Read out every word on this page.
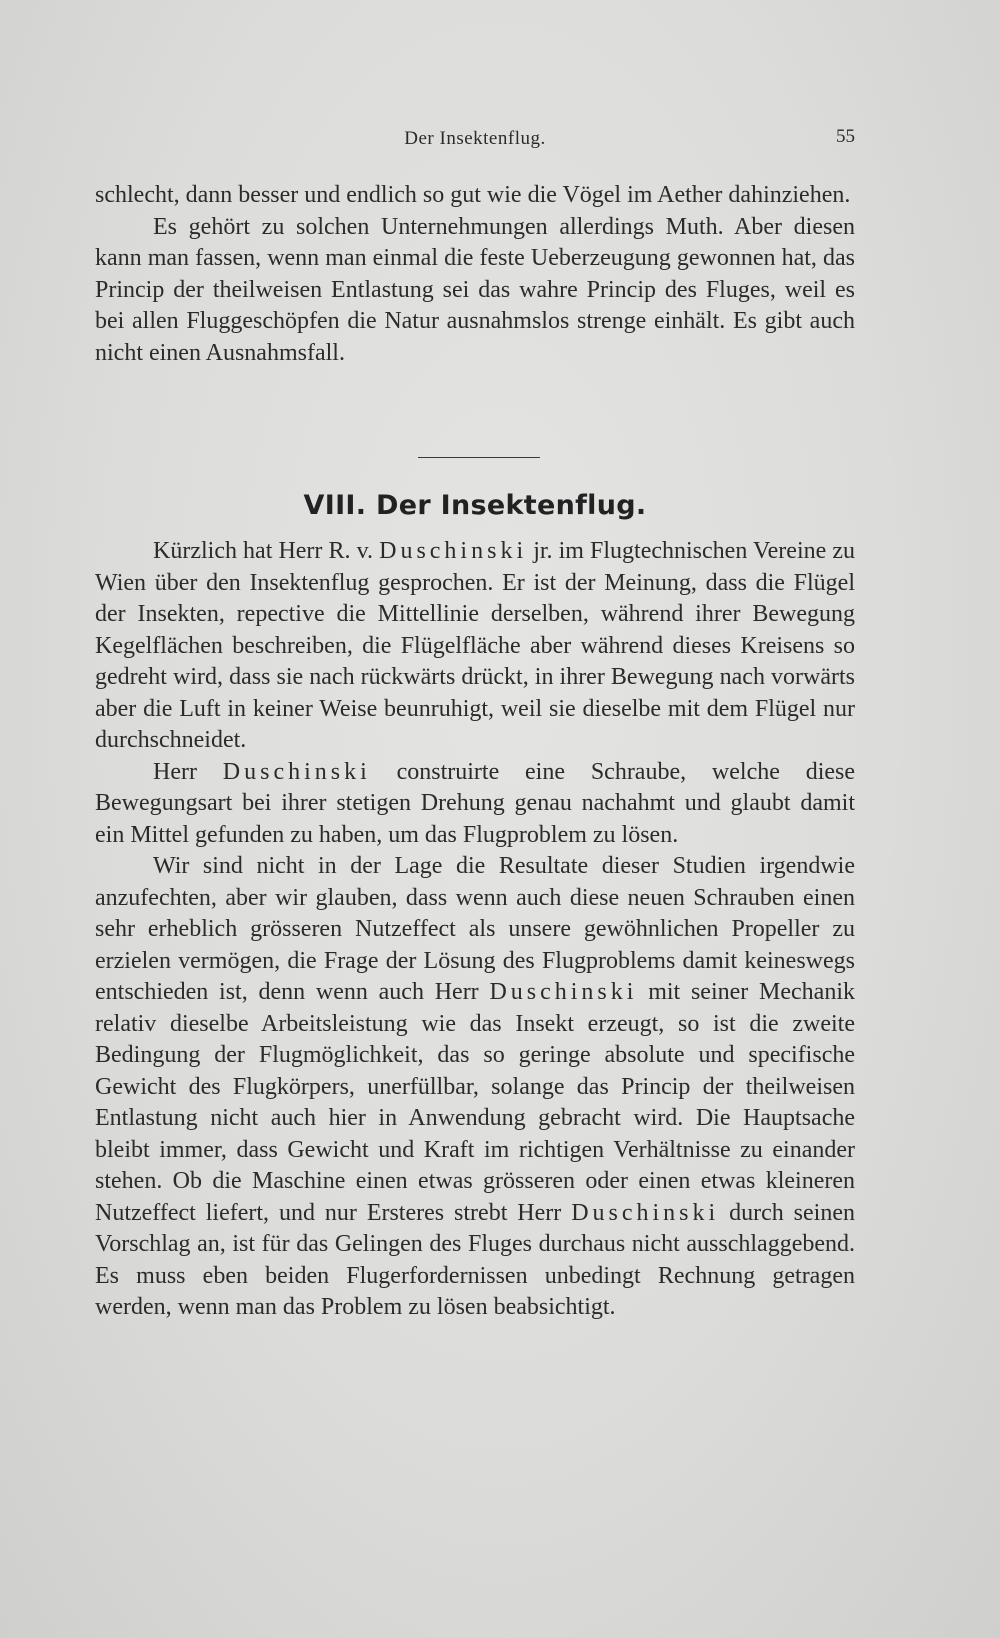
Der Insektenflug.	55

schlecht, dann besser und endlich so gut wie die Vögel im Aether dahinziehen.

Es gehört zu solchen Unternehmungen allerdings Muth. Aber diesen kann man fassen, wenn man einmal die feste Ueberzeugung gewonnen hat, das Princip der theilweisen Entlastung sei das wahre Princip des Fluges, weil es bei allen Fluggeschöpfen die Natur ausnahmslos strenge einhält. Es gibt auch nicht einen Ausnahmsfall.

VIII. Der Insektenflug.

Kürzlich hat Herr R. v. Duschinski jr. im Flugtechnischen Vereine zu Wien über den Insektenflug gesprochen. Er ist der Meinung, dass die Flügel der Insekten, repective die Mittellinie derselben, während ihrer Bewegung Kegelflächen beschreiben, die Flügelfläche aber während dieses Kreisens so gedreht wird, dass sie nach rückwärts drückt, in ihrer Bewegung nach vorwärts aber die Luft in keiner Weise beunruhigt, weil sie dieselbe mit dem Flügel nur durchschneidet.

Herr Duschinski construirte eine Schraube, welche diese Bewegungsart bei ihrer stetigen Drehung genau nachahmt und glaubt damit ein Mittel gefunden zu haben, um das Flugproblem zu lösen.

Wir sind nicht in der Lage die Resultate dieser Studien irgendwie anzufechten, aber wir glauben, dass wenn auch diese neuen Schrauben einen sehr erheblich grösseren Nutzeffect als unsere gewöhnlichen Propeller zu erzielen vermögen, die Frage der Lösung des Flugproblems damit keineswegs entschieden ist, denn wenn auch Herr Duschinski mit seiner Mechanik relativ dieselbe Arbeitsleistung wie das Insekt erzeugt, so ist die zweite Bedingung der Flugmöglichkeit, das so geringe absolute und specifische Gewicht des Flugkörpers, unerfüllbar, solange das Princip der theilweisen Entlastung nicht auch hier in Anwendung gebracht wird. Die Hauptsache bleibt immer, dass Gewicht und Kraft im richtigen Verhältnisse zu einander stehen. Ob die Maschine einen etwas grösseren oder einen etwas kleineren Nutzeffect liefert, und nur Ersteres strebt Herr Duschinski durch seinen Vorschlag an, ist für das Gelingen des Fluges durchaus nicht ausschlaggebend. Es muss eben beiden Flugerfordernissen unbedingt Rechnung getragen werden, wenn man das Problem zu lösen beabsichtigt.
